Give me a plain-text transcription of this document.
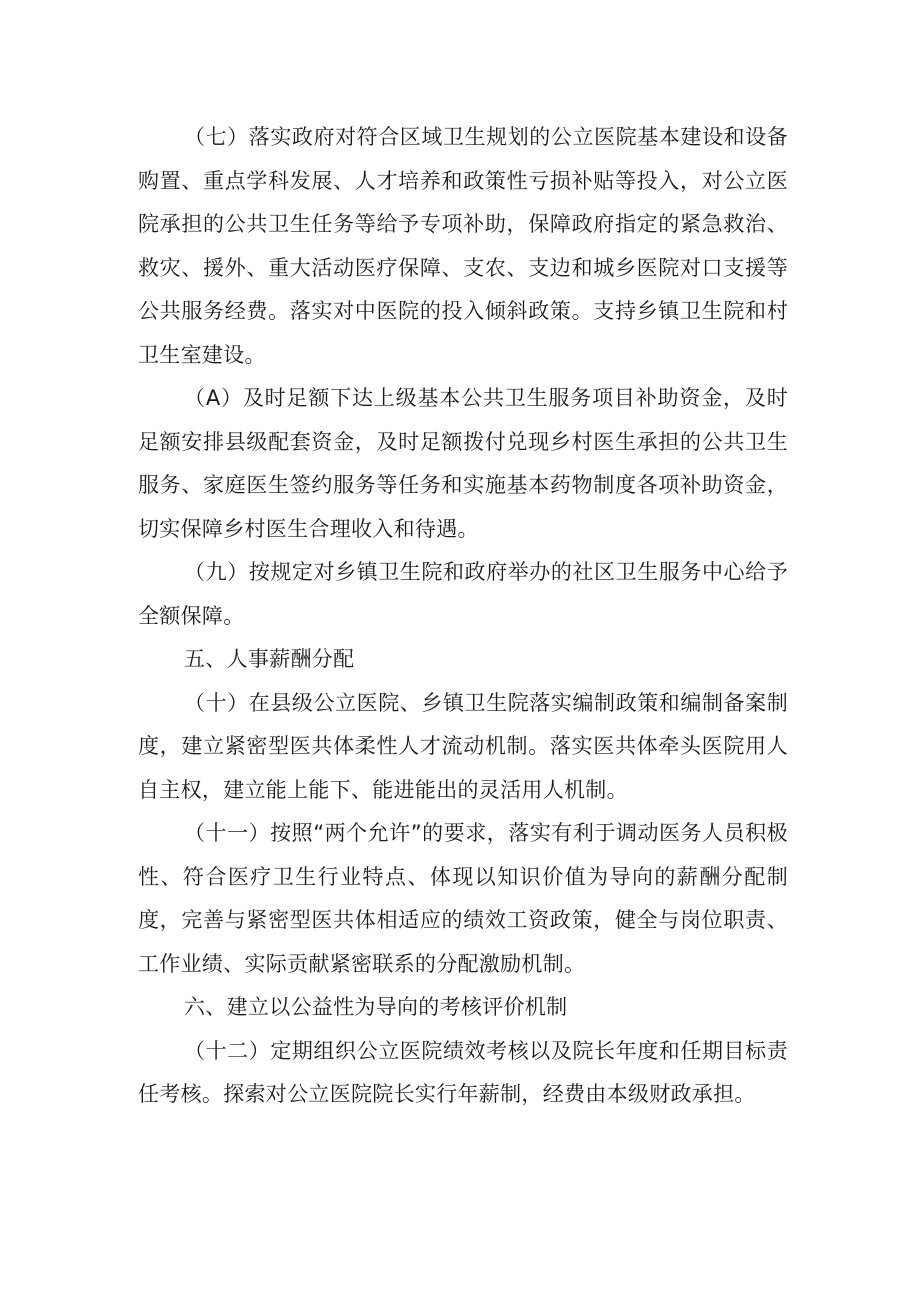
（七）落实政府对符合区域卫生规划的公立医院基本建设和设备购置、重点学科发展、人才培养和政策性亏损补贴等投入，对公立医院承担的公共卫生任务等给予专项补助，保障政府指定的紧急救治、救灾、援外、重大活动医疗保障、支农、支边和城乡医院对口支援等公共服务经费。落实对中医院的投入倾斜政策。支持乡镇卫生院和村卫生室建设。

（A）及时足额下达上级基本公共卫生服务项目补助资金，及时足额安排县级配套资金，及时足额拨付兑现乡村医生承担的公共卫生服务、家庭医生签约服务等任务和实施基本药物制度各项补助资金，切实保障乡村医生合理收入和待遇。

（九）按规定对乡镇卫生院和政府举办的社区卫生服务中心给予全额保障。

五、人事薪酬分配

（十）在县级公立医院、乡镇卫生院落实编制政策和编制备案制度，建立紧密型医共体柔性人才流动机制。落实医共体牵头医院用人自主权，建立能上能下、能进能出的灵活用人机制。

（十一）按照“两个允许”的要求，落实有利于调动医务人员积极性、符合医疗卫生行业特点、体现以知识价值为导向的薪酬分配制度，完善与紧密型医共体相适应的绩效工资政策，健全与岗位职责、工作业绩、实际贡献紧密联系的分配激励机制。

六、建立以公益性为导向的考核评价机制

（十二）定期组织公立医院绩效考核以及院长年度和任期目标责任考核。探索对公立医院院长实行年薪制，经费由本级财政承担。
